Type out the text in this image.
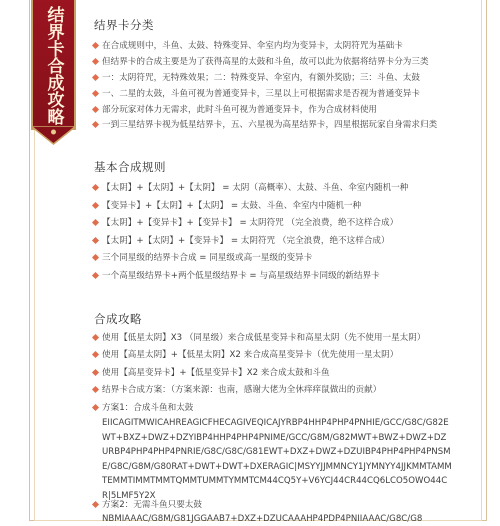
结界卡合成攻略	结界卡分类
在合成规则中，斗鱼、太鼓、特殊变异、伞室内均为变异卡，太阴符咒为基础卡
但结界卡的合成主要是为了获得高星的太鼓和斗鱼，故可以此为依据将结界卡分为三类
一：太阴符咒，无特殊效果；二：特殊变异、伞室内，有额外奖励；三：斗鱼、太鼓
一、二星的太鼓，斗鱼可视为普通变异卡，三星以上可根据需求是否视为普通变异卡
部分玩家对体力无需求，此时斗鱼可视为普通变异卡，作为合成材料使用
一到三星结界卡视为低星结界卡，五、六星视为高星结界卡，四星根据玩家自身需求归类
基本合成规则
【太阴】+【太阴】+【太阴】 = 太阴（高概率）、太鼓、斗鱼、伞室内随机一种
【变异卡】+【太阴】+【太阴】 = 太鼓、斗鱼、伞室内中随机一种
【太阴】+【变异卡】+【变异卡】 = 太阴符咒 （完全浪费，绝不这样合成）
【太阴】+【太阴】+【变异卡】 = 太阴符咒 （完全浪费，绝不这样合成）
三个同星级的结界卡合成 = 同星级或高一星级的变异卡
一个高星级结界卡+两个低星级结界卡 = 与高星级结界卡同级的新结界卡
合成攻略
使用【低星太阴】X3 （同星级）来合成低星变异卡和高星太阴（先不使用一星太阴）
使用【高星太阴】+【低星太阴】X2 来合成高星变异卡（优先使用一星太阴）
使用【高星变异卡】+【低星变异卡】X2 来合成太鼓和斗鱼
结界卡合成方案：（方案来源：也南，感谢大佬为全休痒痒鼠做出的贡献）
方案1：合成斗鱼和太鼓
EIICAGITMWICAHREAGICFHECAGIVEQICAJYRBP4HHP4PHP4PNHIE/GCC/G8C/G82EWT+BXZ+DWZ+DZYIBP4HHP4PHP4PNIME/GCC/G8M/G82MWT+BWZ+DWZ+DZURBP4PHP4PHP4PNRIE/G8C/G8C/G81EWT+DXZ+DWZ+DZUIBP4PHP4PHP4PNSME/G8C/G8M/G80RAT+DWT+DWT+DXERAGIC|MSYYJJMMNCY1JYMNYY4JJKMMTAMMTEMMTIMMTMMTQMMTUMMTYMMTCM44CQ5Y+V6YCJ44CR44CQ6LCO5OWO44CR|5LMF5Y2X
方案2：无需斗鱼只要太鼓
NBMIAAAC/G8M/G81JGGAAB7+DXZ+DZUCAAAHP4PDP4PNIIAAAC/G8C/G8
